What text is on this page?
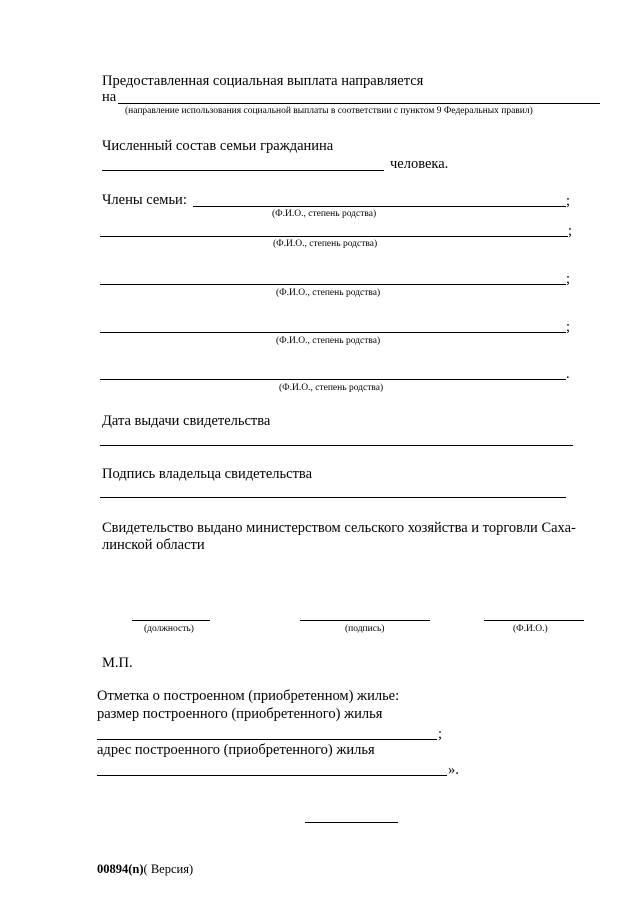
Предоставленная социальная выплата направляется
на
(направление использования социальной выплаты в соответствии с пунктом 9 Федеральных правил)
Численный состав семьи гражданина
человека.
Члены семьи:	;
(Ф.И.О., степень родства)
;
(Ф.И.О., степень родства)
;
(Ф.И.О., степень родства)
;
(Ф.И.О., степень родства)
.
(Ф.И.О., степень родства)
Дата выдачи свидетельства
Подпись владельца свидетельства
Свидетельство выдано министерством сельского хозяйства и торговли Саха-
линской области
(должность)	(подпись)	(Ф.И.О.)
М.П.
Отметка о построенном (приобретенном) жилье:
размер построенного (приобретенного) жилья
;
адрес построенного (приобретенного) жилья
».
00894(n)( Версия)
